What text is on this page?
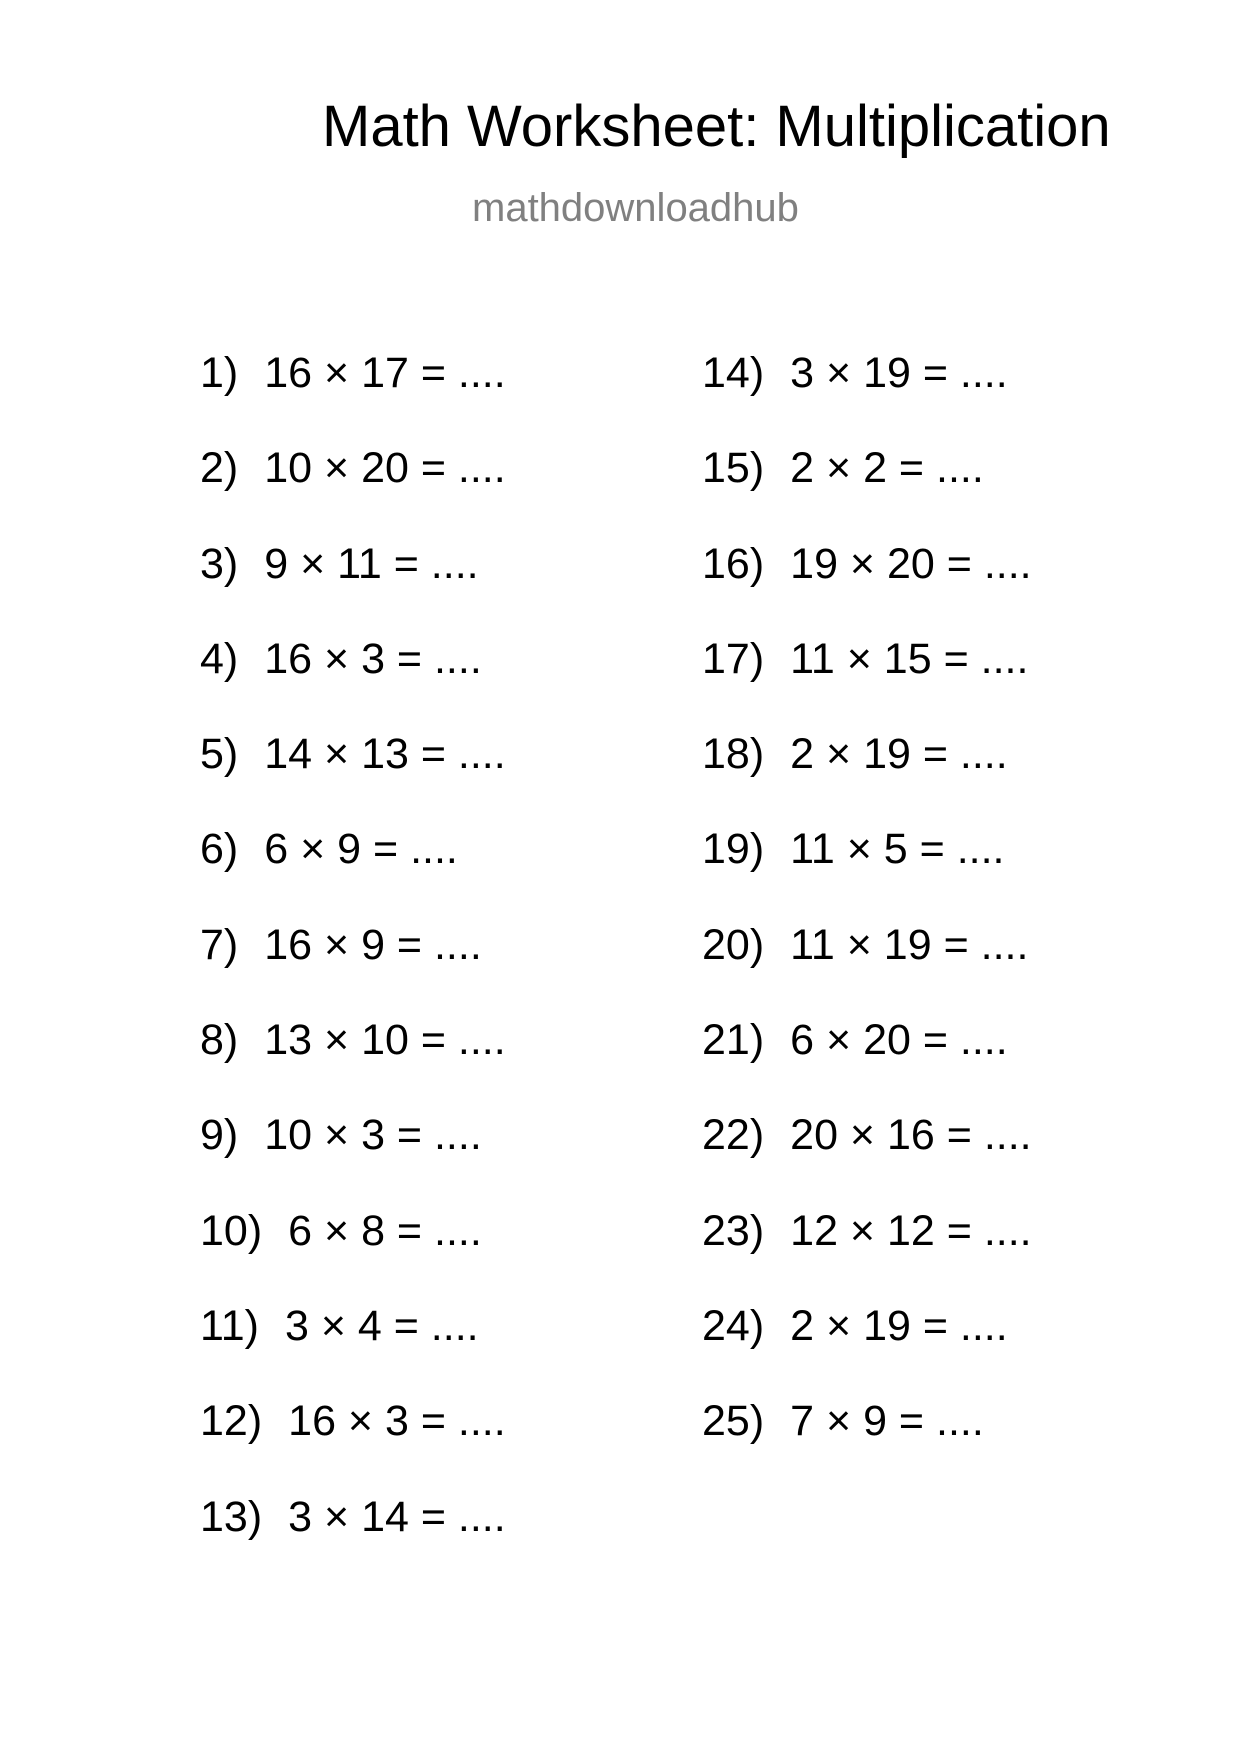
Math Worksheet: Multiplication
mathdownloadhub
1) 16 × 17 = ....
2) 10 × 20 = ....
3) 9 × 11 = ....
4) 16 × 3 = ....
5) 14 × 13 = ....
6) 6 × 9 = ....
7) 16 × 9 = ....
8) 13 × 10 = ....
9) 10 × 3 = ....
10) 6 × 8 = ....
11) 3 × 4 = ....
12) 16 × 3 = ....
13) 3 × 14 = ....
14) 3 × 19 = ....
15) 2 × 2 = ....
16) 19 × 20 = ....
17) 11 × 15 = ....
18) 2 × 19 = ....
19) 11 × 5 = ....
20) 11 × 19 = ....
21) 6 × 20 = ....
22) 20 × 16 = ....
23) 12 × 12 = ....
24) 2 × 19 = ....
25) 7 × 9 = ....
